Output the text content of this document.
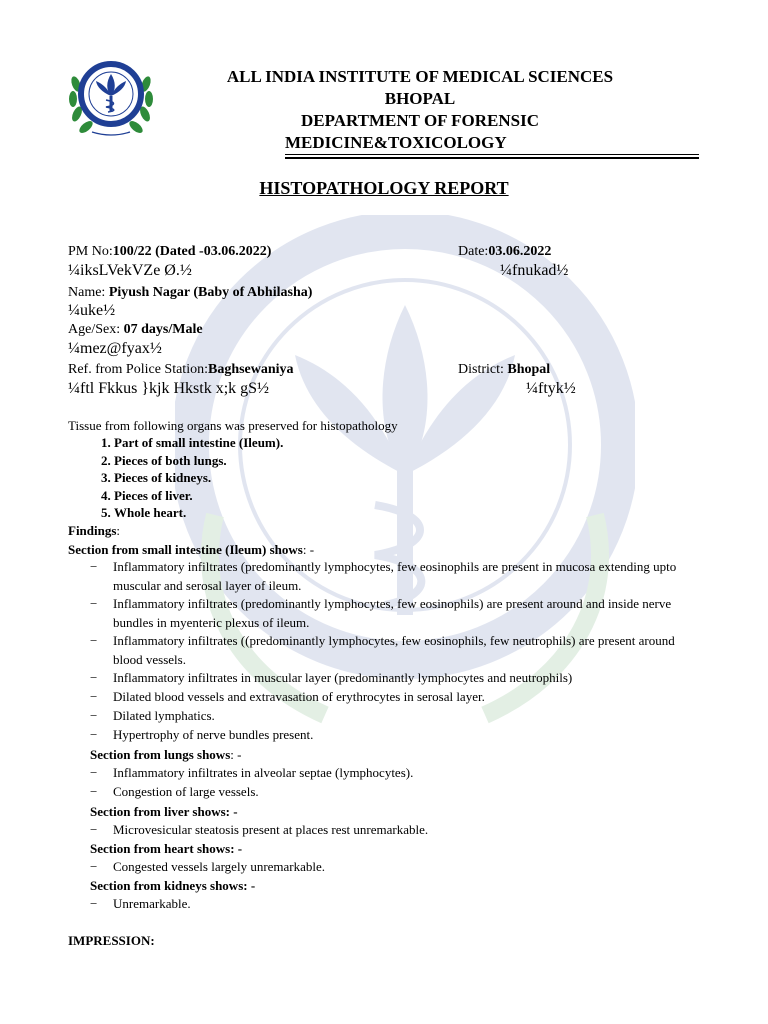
ALL INDIA INSTITUTE OF MEDICAL SCIENCES
BHOPAL
DEPARTMENT OF FORENSIC
MEDICINE&TOXICOLOGY
HISTOPATHOLOGY REPORT
PM No:100/22 (Dated -03.06.2022)	Date:03.06.2022
¼iksLVekVZe Ø.½	¼fnukad½
Name: Piyush Nagar (Baby of Abhilasha)
¼uke½
Age/Sex: 07 days/Male
¼mez@fyax½
Ref. from Police Station:Baghsewaniya	District: Bhopal
¼ftl Fkkus }kjk Hkstk x;k gS½	¼ftyk½
Tissue from following organs was preserved for histopathology
1. Part of small intestine (Ileum).
2. Pieces of both lungs.
3. Pieces of kidneys.
4. Pieces of liver.
5. Whole heart.
Findings:
Section from small intestine (Ileum) shows: -
− Inflammatory infiltrates (predominantly lymphocytes, few eosinophils are present in mucosa extending upto muscular and serosal layer of ileum.
− Inflammatory infiltrates (predominantly lymphocytes, few eosinophils) are present around and inside nerve bundles in myenteric plexus of ileum.
− Inflammatory infiltrates ((predominantly lymphocytes, few eosinophils, few neutrophils) are present around blood vessels.
− Inflammatory infiltrates in muscular layer (predominantly lymphocytes and neutrophils)
− Dilated blood vessels and extravasation of erythrocytes in serosal layer.
− Dilated lymphatics.
− Hypertrophy of nerve bundles present.
Section from lungs shows: -
− Inflammatory infiltrates in alveolar septae (lymphocytes).
− Congestion of large vessels.
Section from liver shows: -
− Microvesicular steatosis present at places rest unremarkable.
Section from heart shows: -
− Congested vessels largely unremarkable.
Section from kidneys shows: -
− Unremarkable.
IMPRESSION:
